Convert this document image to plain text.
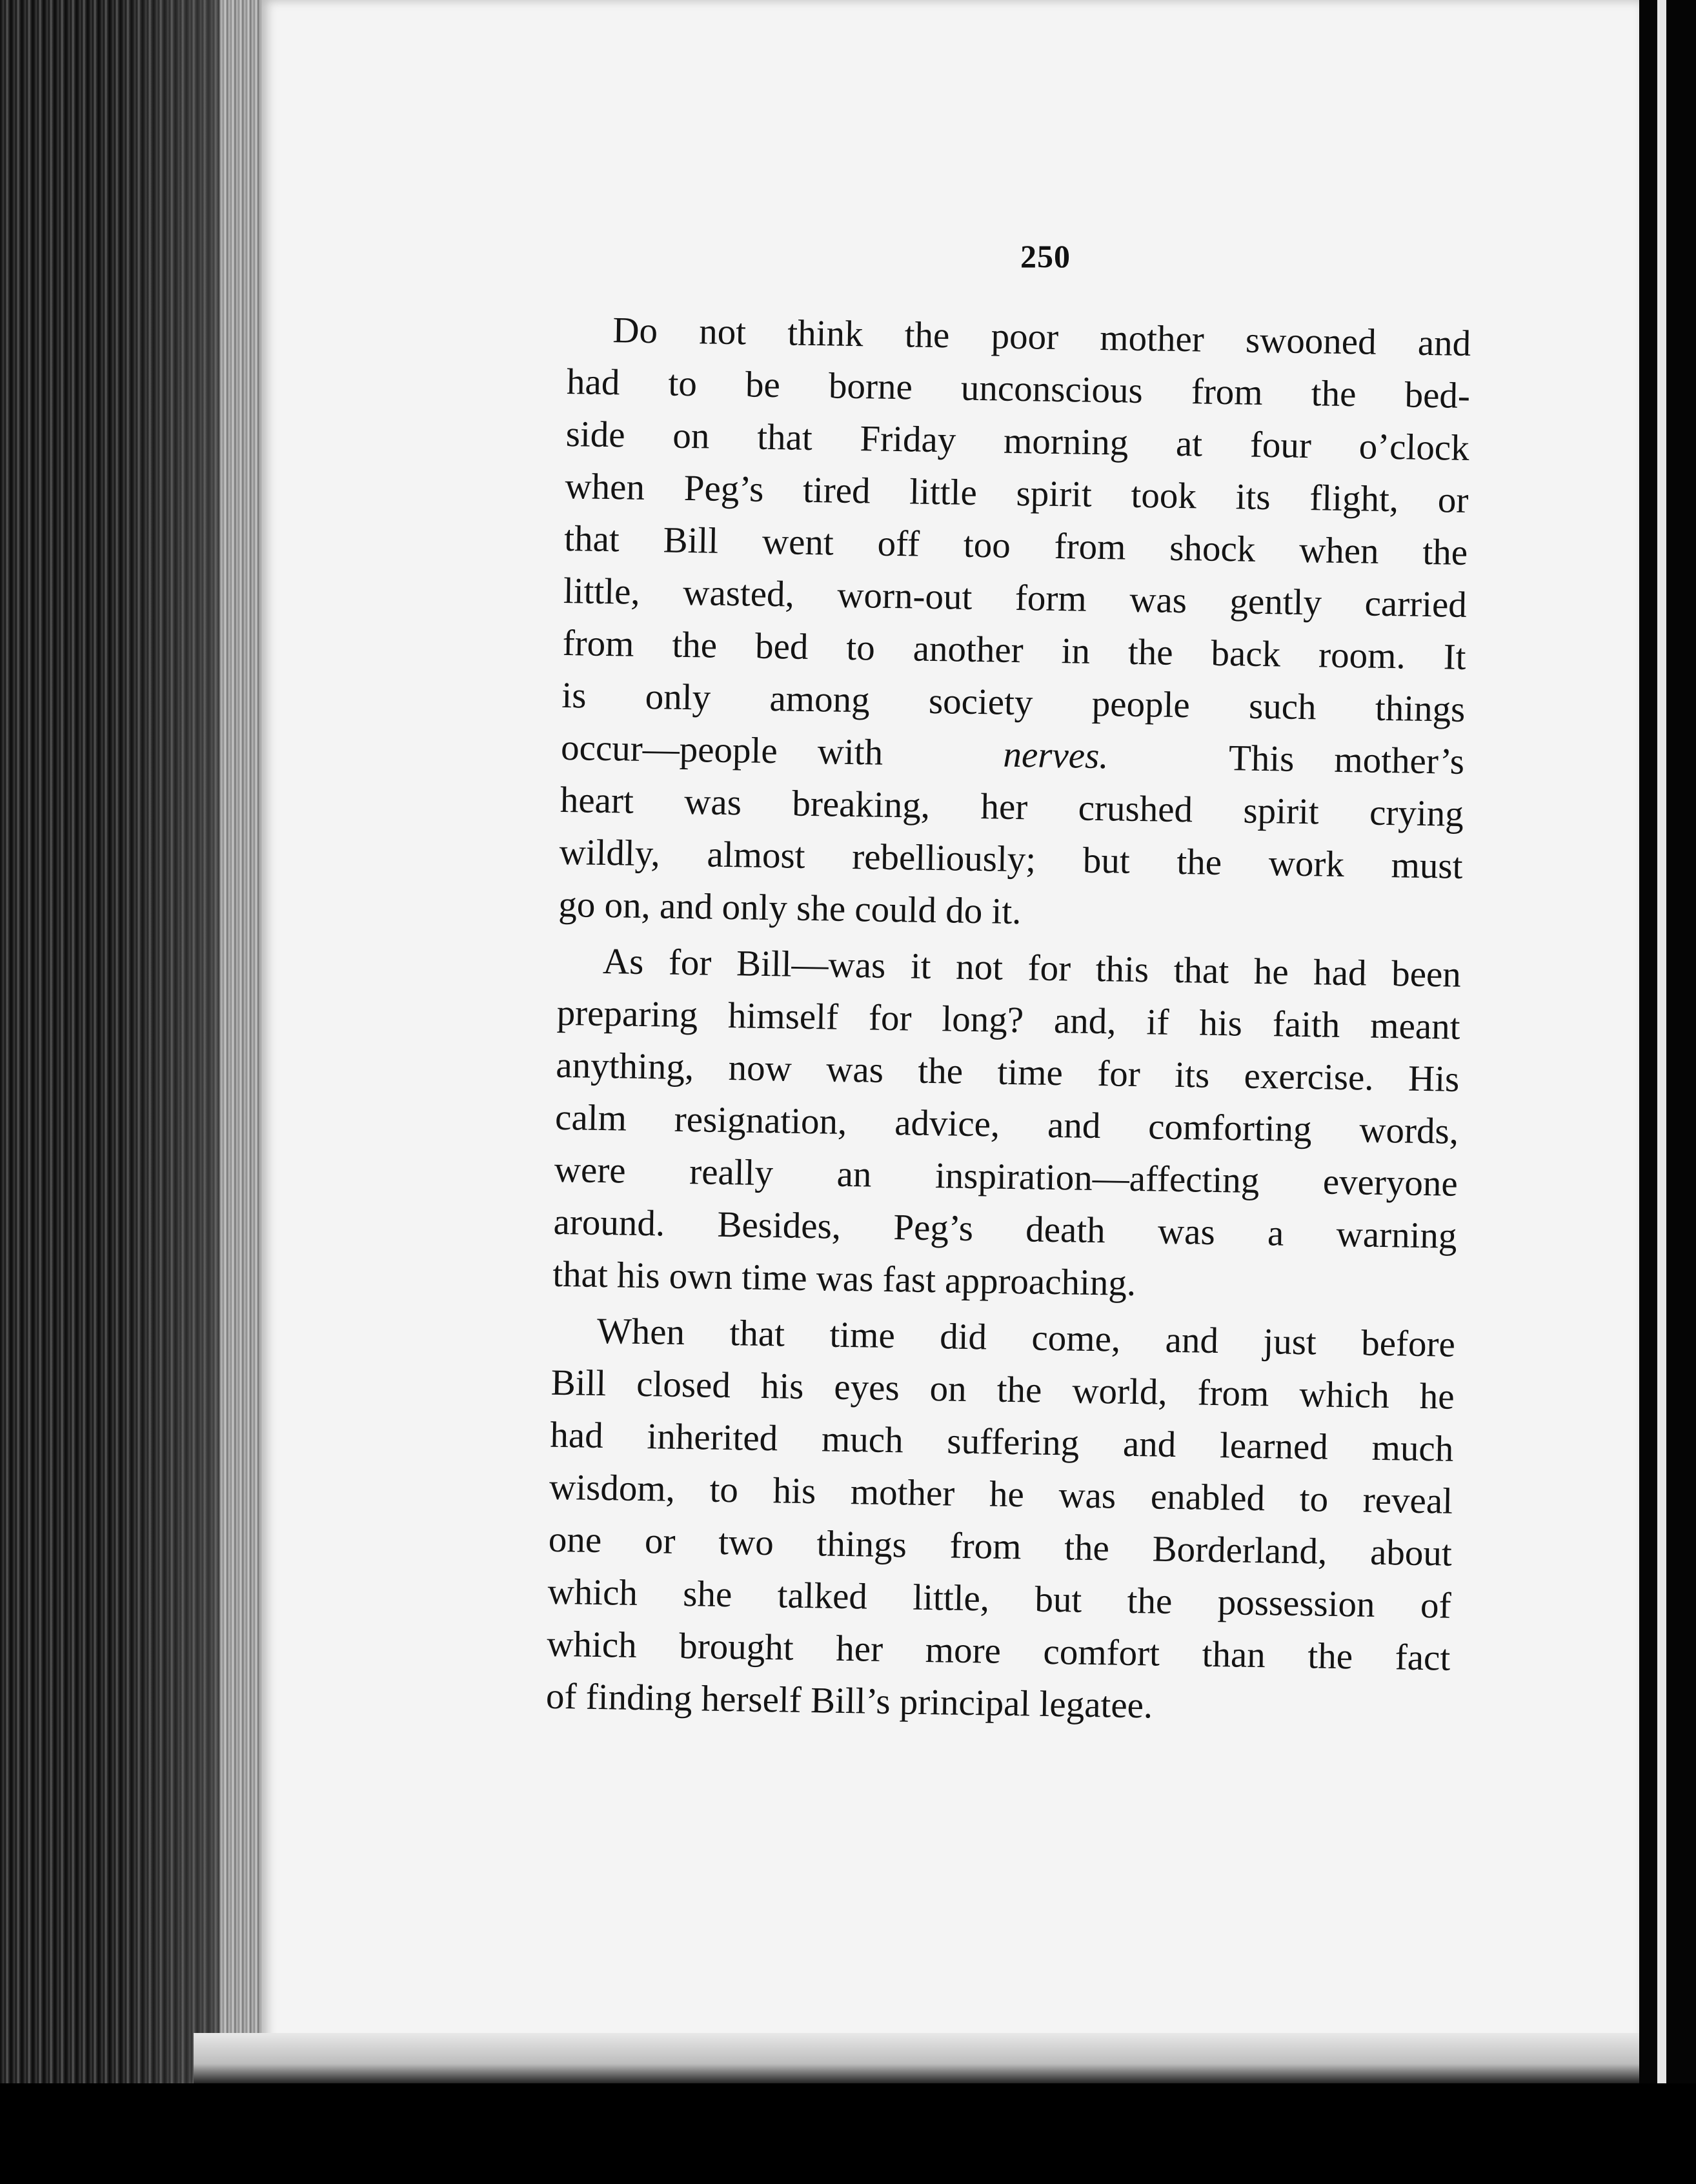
250
Do not think the poor mother swooned and
had to be borne unconscious from the bed-
side on that Friday morning at four o’clock
when Peg’s tired little spirit took its flight, or
that Bill went off too from shock when the
little, wasted, worn-out form was gently carried
from the bed to another in the back room. It
is only among society people such things
occur—people with	nerves.	This mother’s
heart was breaking, her crushed spirit crying
wildly, almost rebelliously; but the work must
go on, and only she could do it.
As for Bill—was it not for this that he had been
preparing himself for long? and, if his faith meant
anything, now was the time for its exercise. His
calm resignation, advice, and comforting words,
were really an inspiration—affecting everyone
around. Besides, Peg’s death was a warning
that his own time was fast approaching.
When that time did come, and just before
Bill closed his eyes on the world, from which he
had inherited much suffering and learned much
wisdom, to his mother he was enabled to reveal
one or two things from the Borderland, about
which she talked little, but the possession of
which brought her more comfort than the fact
of finding herself Bill’s principal legatee.
